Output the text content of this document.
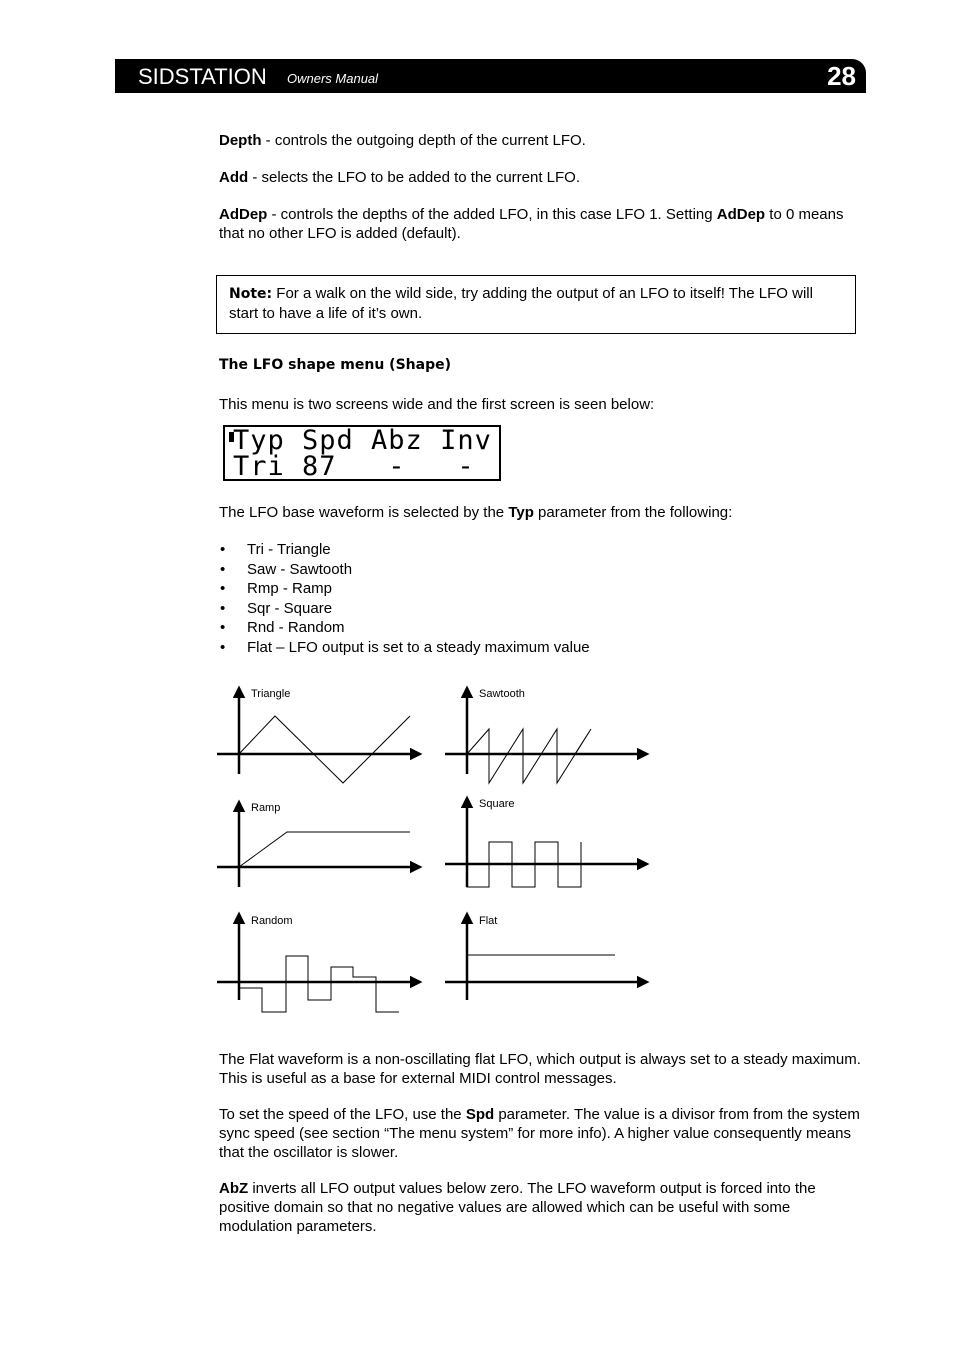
SIDSTATION Owners Manual	28

Depth - controls the outgoing depth of the current LFO.

Add - selects the LFO to be added to the current LFO.

AdDep - controls the depths of the added LFO, in this case LFO 1. Setting AdDep to 0 means that no other LFO is added (default).

Note: For a walk on the wild side, try adding the output of an LFO to itself! The LFO will start to have a life of it’s own.
The LFO shape menu (Shape)

This menu is two screens wide and the first screen is seen below:

Typ Spd Abz Inv

Tri 87   -   -

The LFO base waveform is selected by the Typ parameter from the following:

• Tri - Triangle
• Saw - Sawtooth
• Rmp - Ramp
• Sqr - Square
• Rnd - Random
• Flat – LFO output is set to a steady maximum value
Triangle	Sawtooth
Ramp	Square
Random	Flat

The Flat waveform is a non-oscillating flat LFO, which output is always set to a steady maximum. This is useful as a base for external MIDI control messages.

To set the speed of the LFO, use the Spd parameter. The value is a divisor from from the system sync speed (see section “The menu system” for more info). A higher value consequently means that the oscillator is slower.

AbZ inverts all LFO output values below zero. The LFO waveform output is forced into the positive domain so that no negative values are allowed which can be useful with some modulation parameters.
